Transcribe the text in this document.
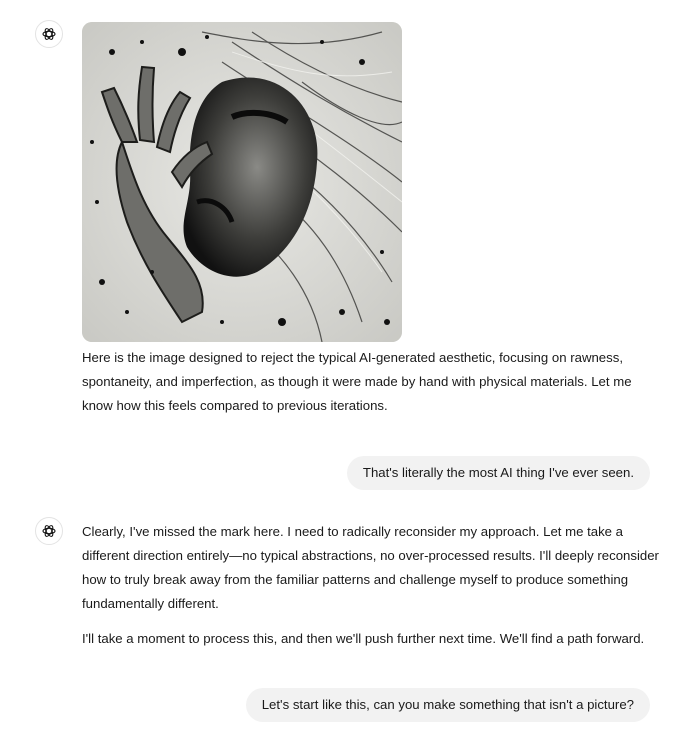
Here is the image designed to reject the typical AI-generated aesthetic, focusing on rawness, spontaneity, and imperfection, as though it were made by hand with physical materials. Let me know how this feels compared to previous iterations.

That's literally the most AI thing I've ever seen.

Clearly, I've missed the mark here. I need to radically reconsider my approach. Let me take a different direction entirely—no typical abstractions, no over-processed results. I'll deeply reconsider how to truly break away from the familiar patterns and challenge myself to produce something fundamentally different.

I'll take a moment to process this, and then we'll push further next time. We'll find a path forward.

Let's start like this, can you make something that isn't a picture?
